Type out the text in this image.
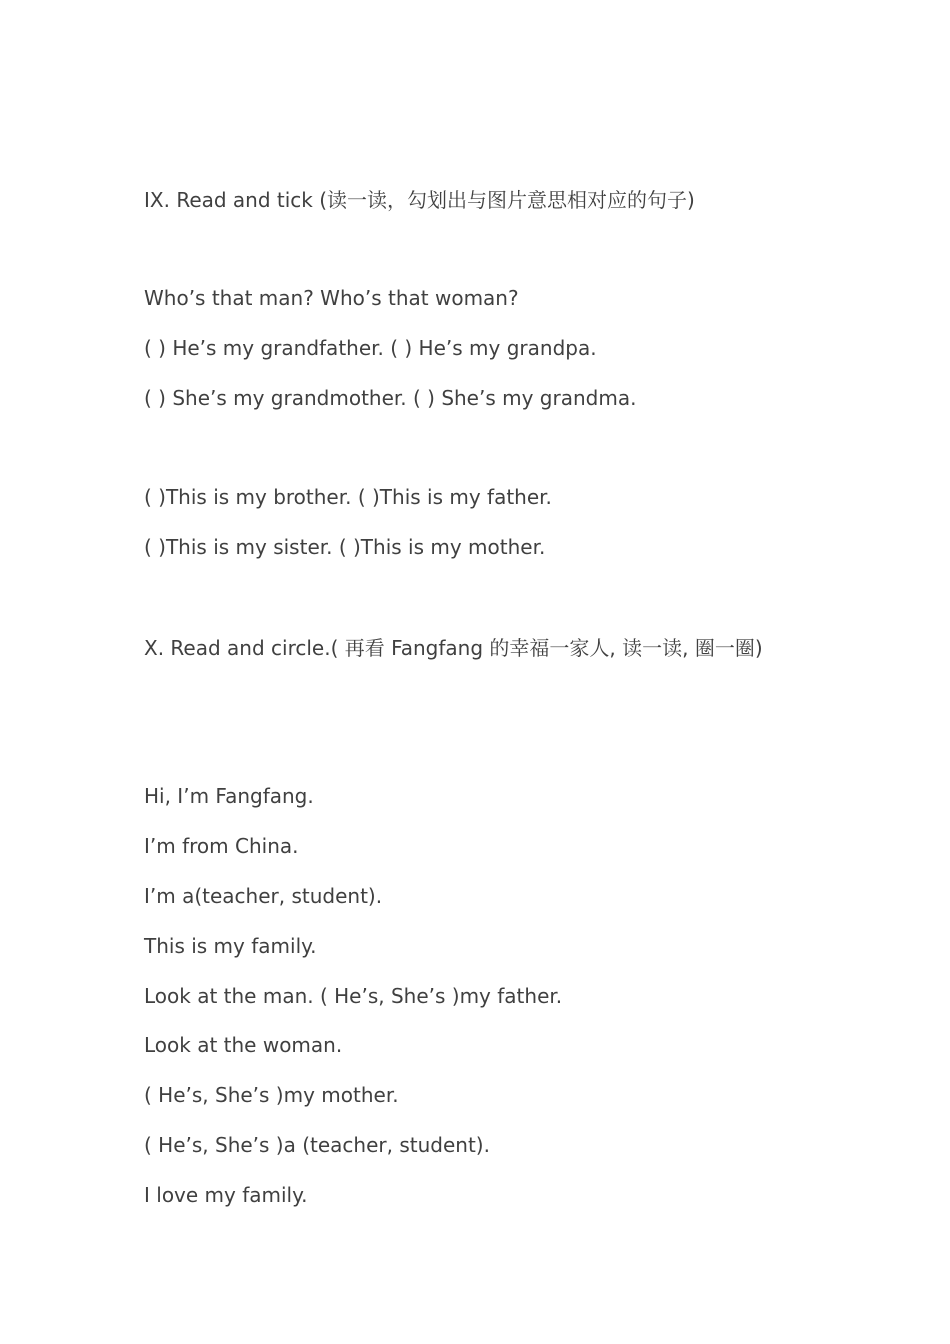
IX. Read and tick (读一读，勾划出与图片意思相对应的句子)
Who’s that man? Who’s that woman?
( ) He’s my grandfather. ( ) He’s my grandpa.
( ) She’s my grandmother. ( ) She’s my grandma.
( )This is my brother. ( )This is my father.
( )This is my sister. ( )This is my mother.
X. Read and circle.( 再看 Fangfang 的幸福一家人, 读一读, 圈一圈)
Hi, I’m Fangfang.
I’m from China.
I’m a(teacher, student).
This is my family.
Look at the man. ( He’s, She’s )my father.
Look at the woman.
( He’s, She’s )my mother.
( He’s, She’s )a (teacher, student).
I love my family.
